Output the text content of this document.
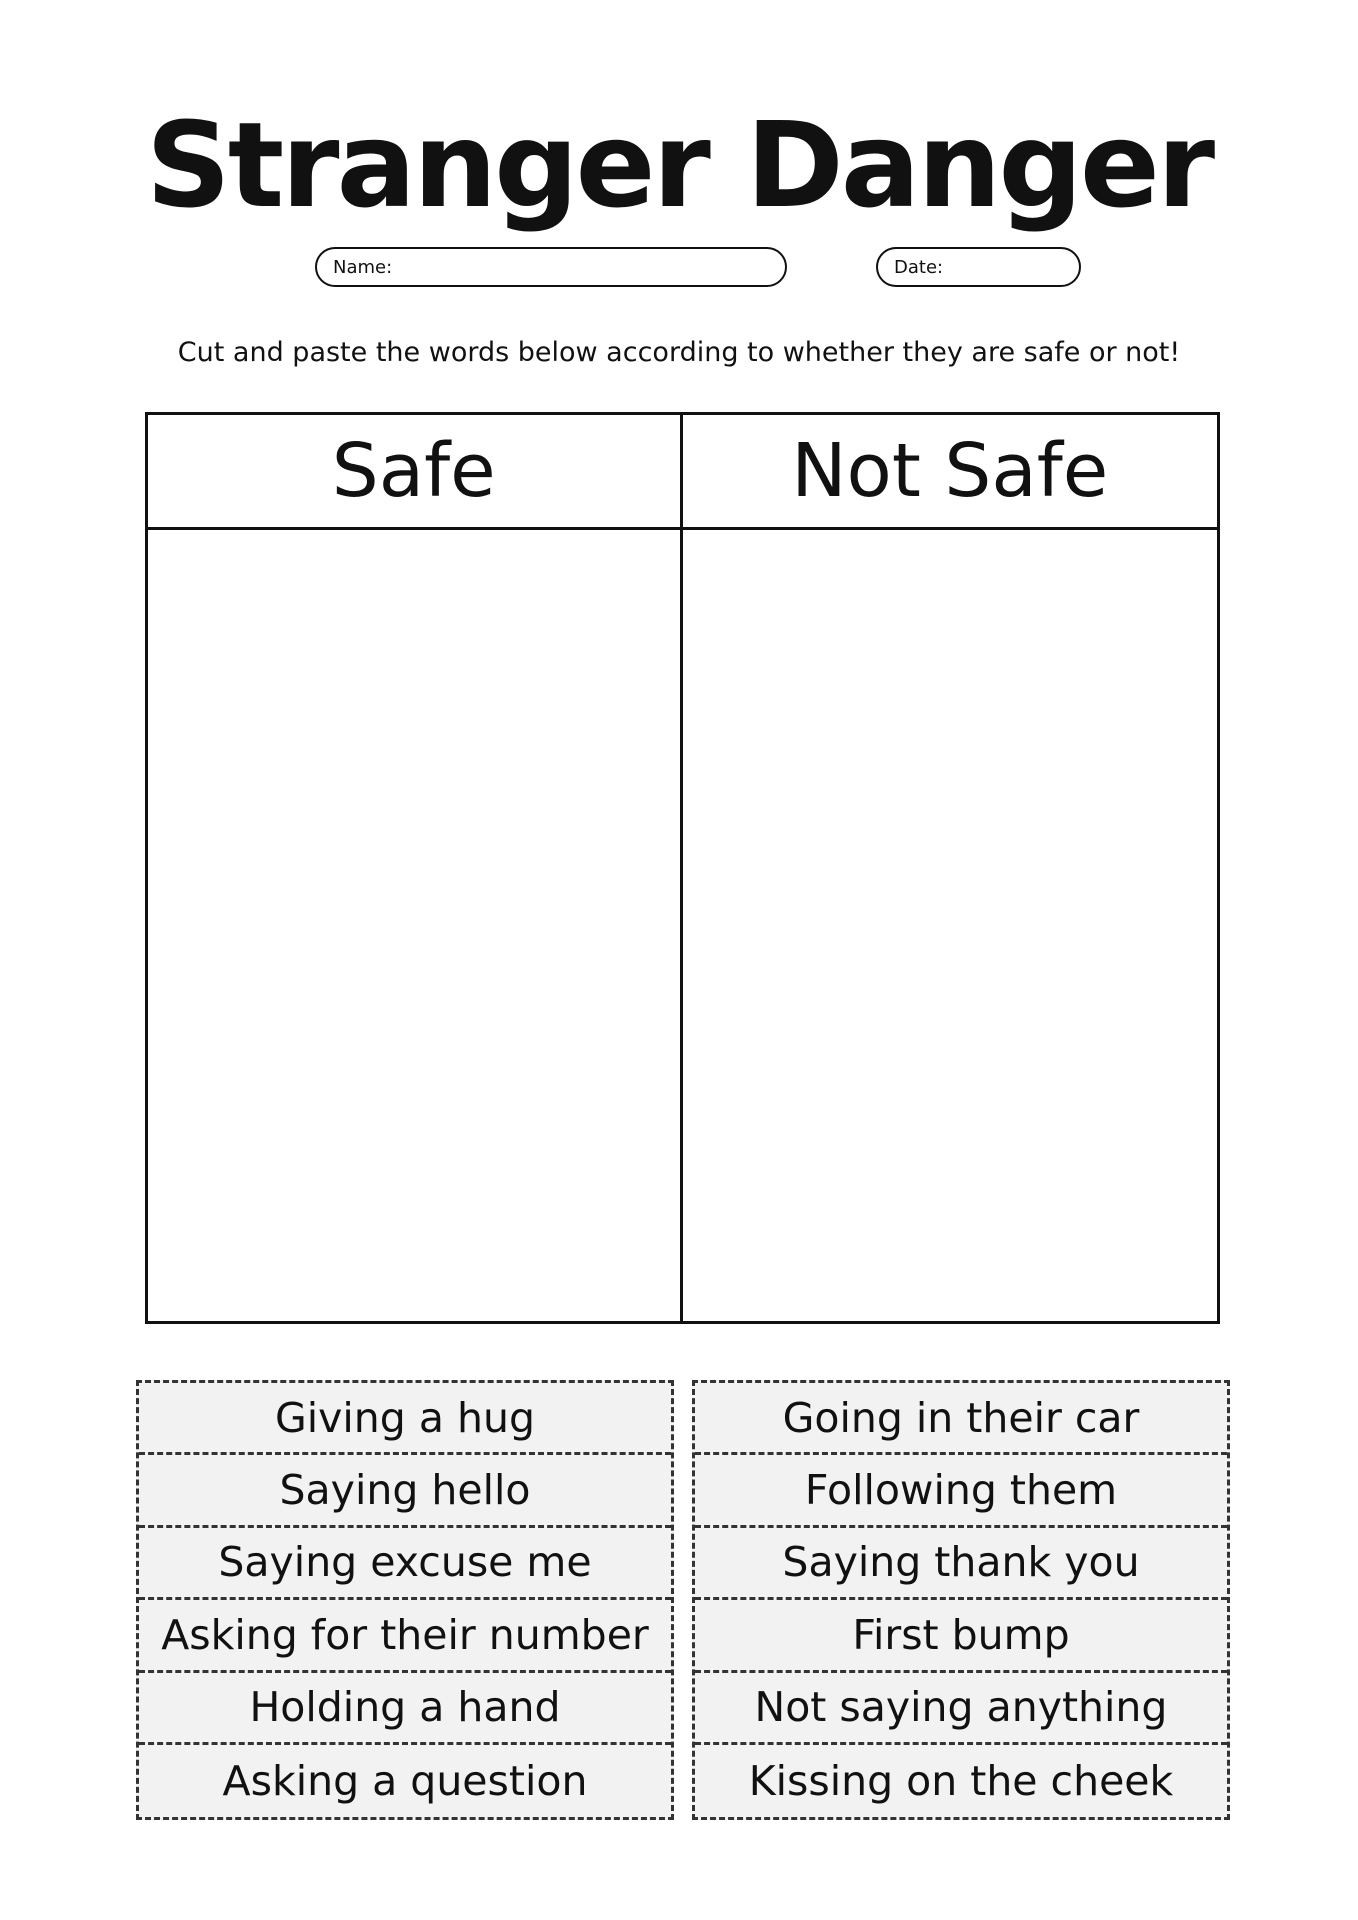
Stranger Danger
Name:	Date:

Cut and paste the words below according to whether they are safe or not!

Safe	Not Safe
Giving a hug
Saying hello
Saying excuse me
Asking for their number
Holding a hand
Asking a question
Going in their car
Following them
Saying thank you
First bump
Not saying anything
Kissing on the cheek
